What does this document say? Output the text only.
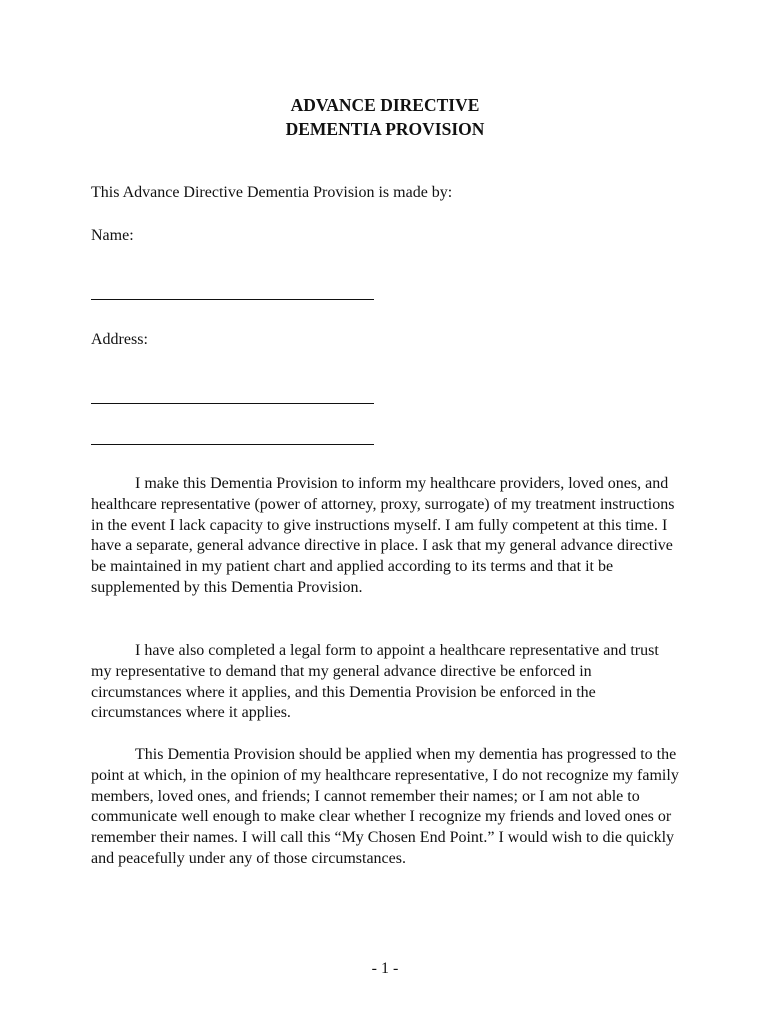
ADVANCE DIRECTIVE
DEMENTIA PROVISION
This Advance Directive Dementia Provision is made by:
Name:
Address:

I make this Dementia Provision to inform my healthcare providers, loved ones, and healthcare representative (power of attorney, proxy, surrogate) of my treatment instructions in the event I lack capacity to give instructions myself. I am fully competent at this time. I have a separate, general advance directive in place. I ask that my general advance directive be maintained in my patient chart and applied according to its terms and that it be supplemented by this Dementia Provision.

I have also completed a legal form to appoint a healthcare representative and trust my representative to demand that my general advance directive be enforced in circumstances where it applies, and this Dementia Provision be enforced in the circumstances where it applies.

This Dementia Provision should be applied when my dementia has progressed to the point at which, in the opinion of my healthcare representative, I do not recognize my family members, loved ones, and friends; I cannot remember their names; or I am not able to communicate well enough to make clear whether I recognize my friends and loved ones or remember their names. I will call this “My Chosen End Point.” I would wish to die quickly and peacefully under any of those circumstances.

- 1 -
